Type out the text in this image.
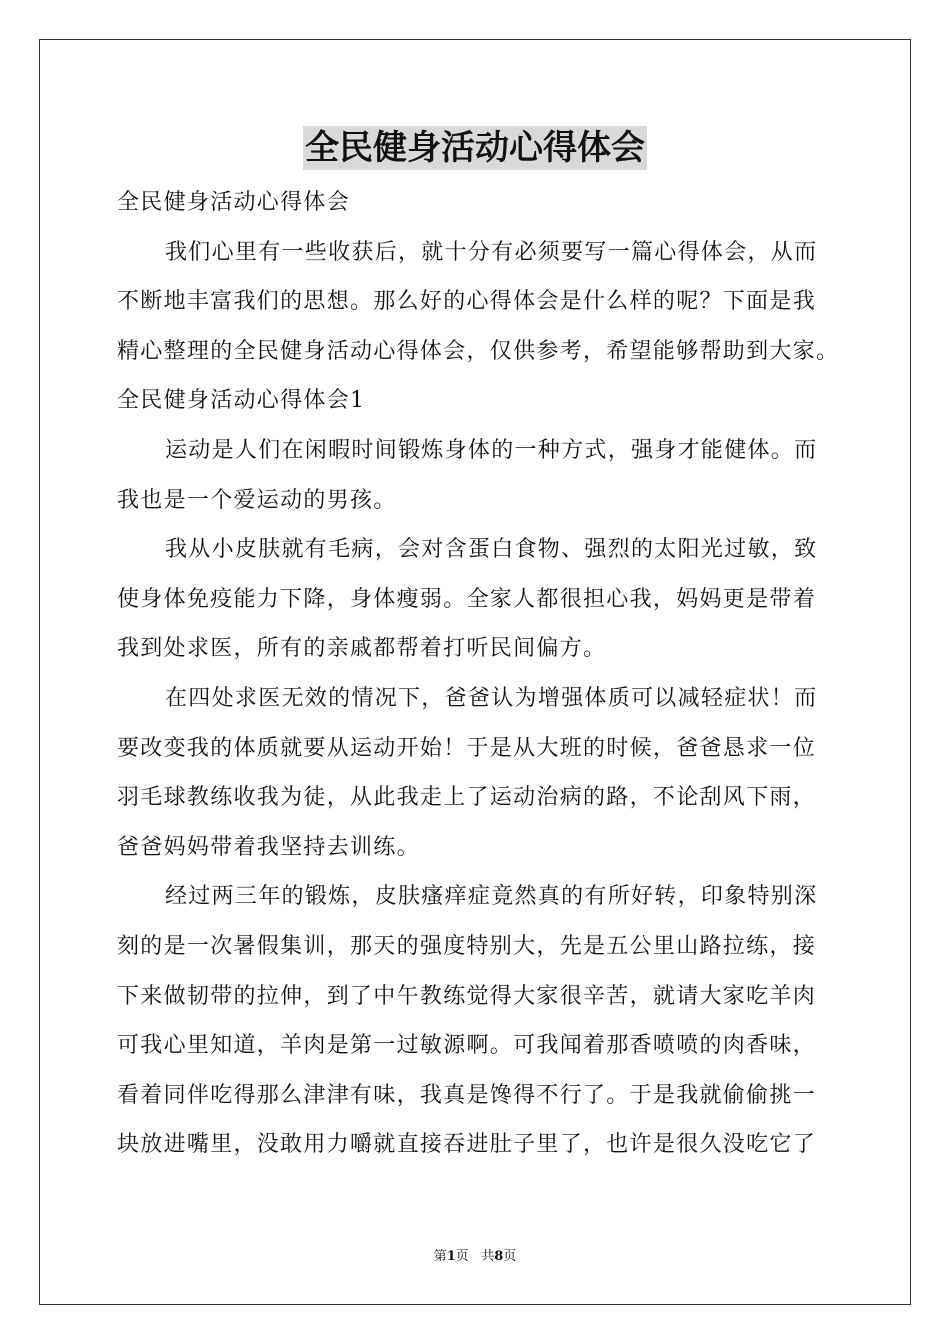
全民健身活动心得体会
全民健身活动心得体会
我们心里有一些收获后，就十分有必须要写一篇心得体会，从而
不断地丰富我们的思想。那么好的心得体会是什么样的呢？下面是我
精心整理的全民健身活动心得体会，仅供参考，希望能够帮助到大家。
全民健身活动心得体会1
运动是人们在闲暇时间锻炼身体的一种方式，强身才能健体。而
我也是一个爱运动的男孩。
我从小皮肤就有毛病，会对含蛋白食物、强烈的太阳光过敏，致
使身体免疫能力下降，身体瘦弱。全家人都很担心我，妈妈更是带着
我到处求医，所有的亲戚都帮着打听民间偏方。
在四处求医无效的情况下，爸爸认为增强体质可以减轻症状！而
要改变我的体质就要从运动开始！于是从大班的时候，爸爸恳求一位
羽毛球教练收我为徒，从此我走上了运动治病的路，不论刮风下雨，
爸爸妈妈带着我坚持去训练。
经过两三年的锻炼，皮肤瘙痒症竟然真的有所好转，印象特别深
刻的是一次暑假集训，那天的强度特别大，先是五公里山路拉练，接
下来做韧带的拉伸，到了中午教练觉得大家很辛苦，就请大家吃羊肉
可我心里知道，羊肉是第一过敏源啊。可我闻着那香喷喷的肉香味，
看着同伴吃得那么津津有味，我真是馋得不行了。于是我就偷偷挑一
块放进嘴里，没敢用力嚼就直接吞进肚子里了，也许是很久没吃它了
第1页 共8页
